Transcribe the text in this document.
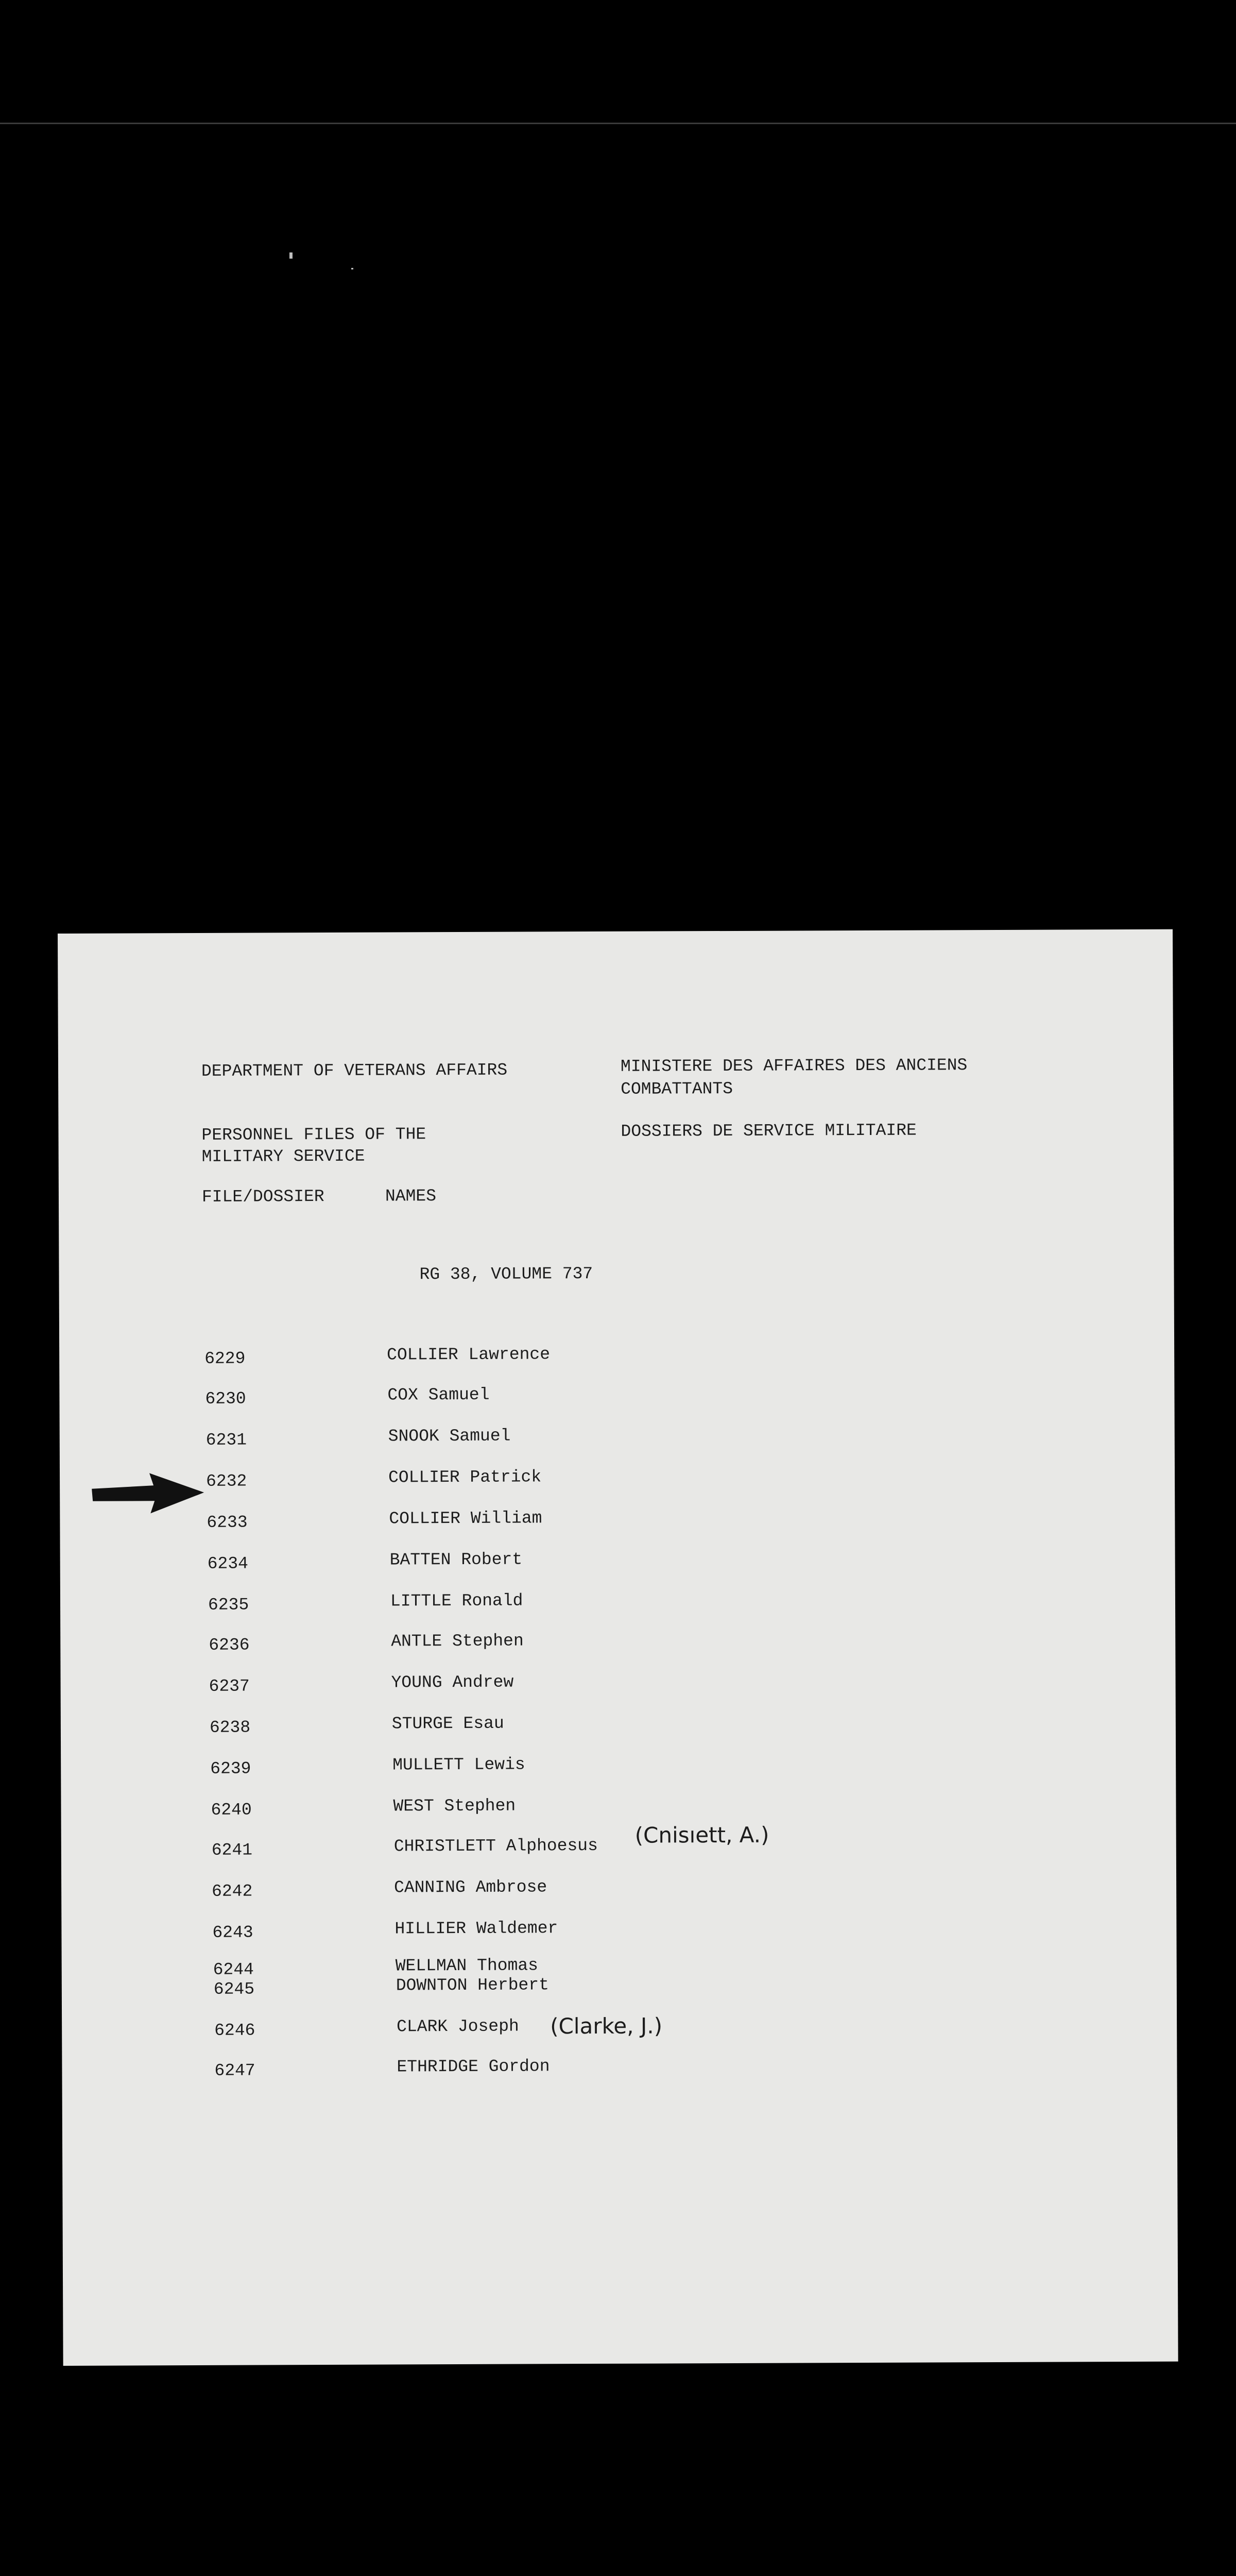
DEPARTMENT OF VETERANS AFFAIRS	MINISTERE DES AFFAIRES DES ANCIENS
COMBATTANTS
PERSONNEL FILES OF THE
MILITARY SERVICE
DOSSIERS DE SERVICE MILITAIRE
FILE/DOSSIER	NAMES
RG 38, VOLUME 737
6229	COLLIER Lawrence
6230	COX Samuel
6231	SNOOK Samuel
6232	COLLIER Patrick
6233	COLLIER William
6234	BATTEN Robert
6235	LITTLE Ronald
6236	ANTLE Stephen
6237	YOUNG Andrew
6238	STURGE Esau
6239	MULLETT Lewis
6240	WEST Stephen
6241	CHRISTLETT Alphoesus
6242	CANNING Ambrose
6243	HILLIER Waldemer
6244	WELLMAN Thomas
6245	DOWNTON Herbert
6246	CLARK Joseph
6247	ETHRIDGE Gordon
(Cnisıett, A.)
(Clarke, J.)
